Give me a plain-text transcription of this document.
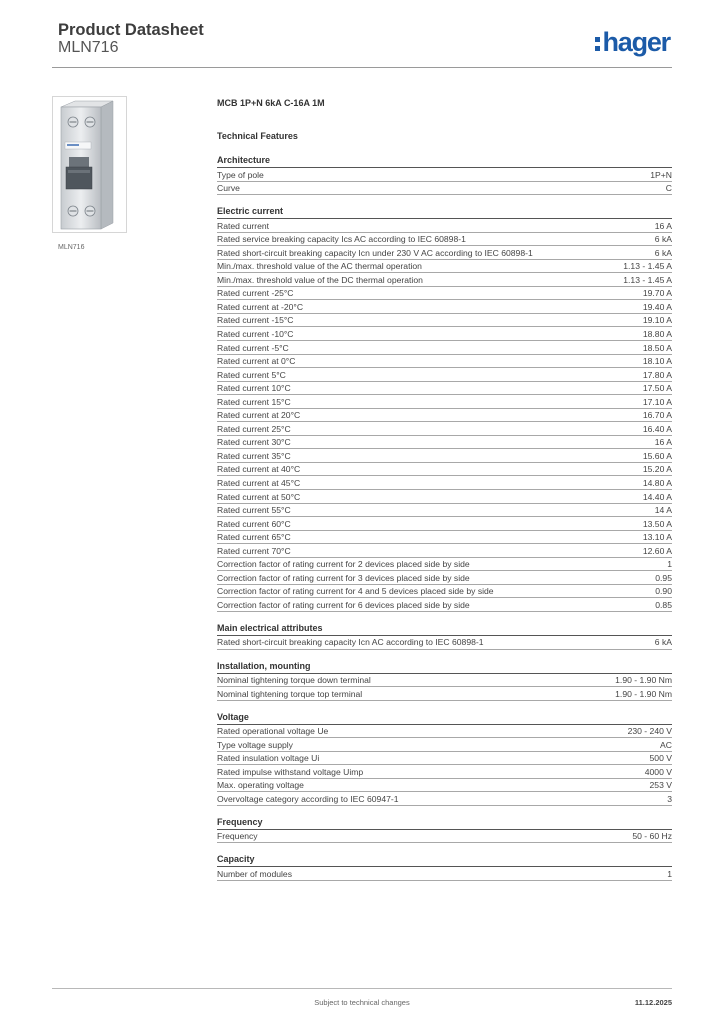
Product Datasheet
MLN716	hager
MLN716
MCB 1P+N 6kA C-16A 1M
Technical Features
Architecture
Type of pole	1P+N
Curve	C
Electric current
Rated current	16 A
Rated service breaking capacity Ics AC according to IEC 60898-1	6 kA
Rated short-circuit breaking capacity Icn under 230 V AC according to IEC 60898-1	6 kA
Min./max. threshold value of the AC thermal operation	1.13 - 1.45 A
Min./max. threshold value of the DC thermal operation	1.13 - 1.45 A
Rated current -25°C	19.70 A
Rated current at -20°C	19.40 A
Rated current -15°C	19.10 A
Rated current -10°C	18.80 A
Rated current -5°C	18.50 A
Rated current at 0°C	18.10 A
Rated current 5°C	17.80 A
Rated current 10°C	17.50 A
Rated current 15°C	17.10 A
Rated current at 20°C	16.70 A
Rated current 25°C	16.40 A
Rated current 30°C	16 A
Rated current 35°C	15.60 A
Rated current at 40°C	15.20 A
Rated current at 45°C	14.80 A
Rated current at 50°C	14.40 A
Rated current 55°C	14 A
Rated current 60°C	13.50 A
Rated current 65°C	13.10 A
Rated current 70°C	12.60 A
Correction factor of rating current for 2 devices placed side by side	1
Correction factor of rating current for 3 devices placed side by side	0.95
Correction factor of rating current for 4 and 5 devices placed side by side	0.90
Correction factor of rating current for 6 devices placed side by side	0.85
Main electrical attributes
Rated short-circuit breaking capacity Icn AC according to IEC 60898-1	6 kA
Installation, mounting
Nominal tightening torque down terminal	1.90 - 1.90 Nm
Nominal tightening torque top terminal	1.90 - 1.90 Nm
Voltage
Rated operational voltage Ue	230 - 240 V
Type voltage supply	AC
Rated insulation voltage Ui	500 V
Rated impulse withstand voltage Uimp	4000 V
Max. operating voltage	253 V
Overvoltage category according to IEC 60947-1	3
Frequency
Frequency	50 - 60 Hz
Capacity
Number of modules	1
Subject to technical changes	11.12.2025
